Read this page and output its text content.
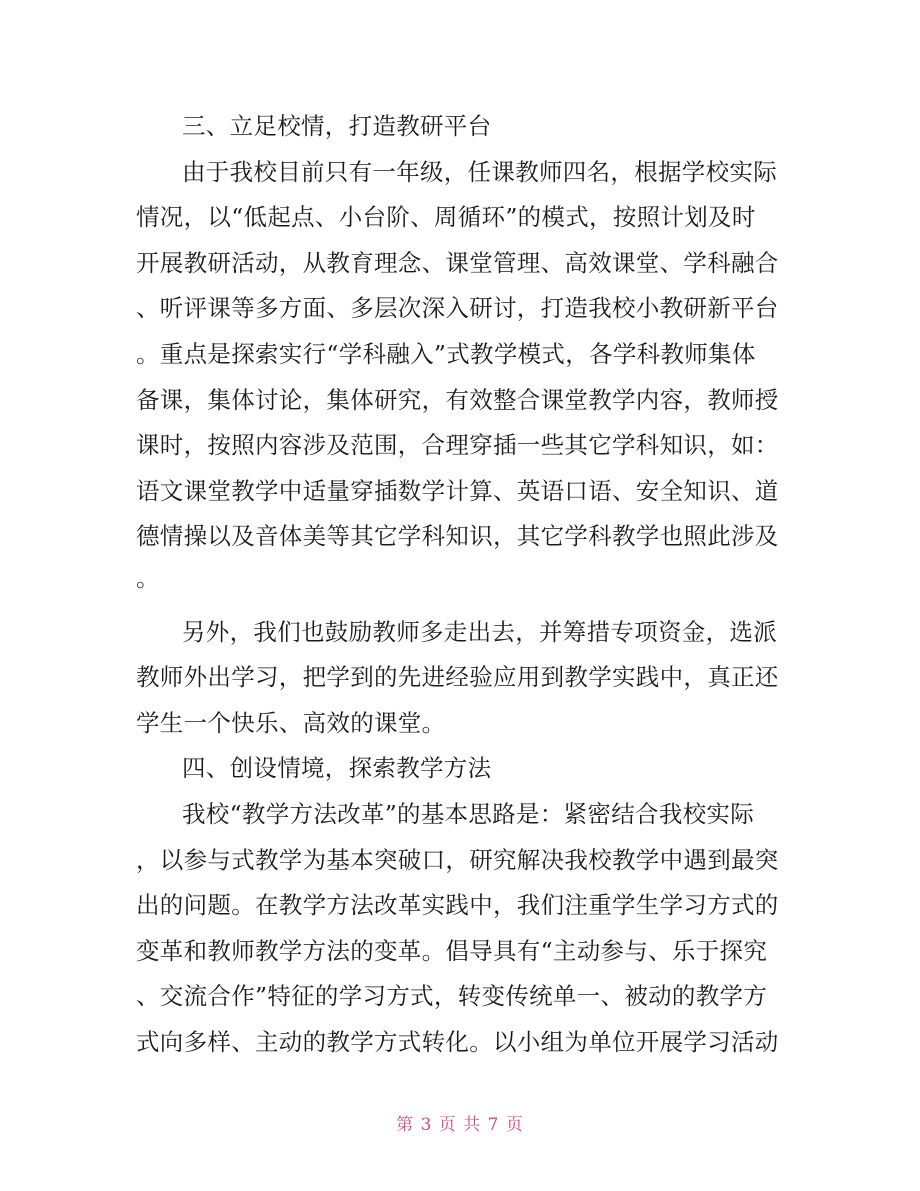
三、立足校情，打造教研平台
由于我校目前只有一年级，任课教师四名，根据学校实际
情况，以“低起点、小台阶、周循环”的模式，按照计划及时
开展教研活动，从教育理念、课堂管理、高效课堂、学科融合
、听评课等多方面、多层次深入研讨，打造我校小教研新平台
。重点是探索实行“学科融入”式教学模式，各学科教师集体
备课，集体讨论，集体研究，有效整合课堂教学内容，教师授
课时，按照内容涉及范围，合理穿插一些其它学科知识，如：
语文课堂教学中适量穿插数学计算、英语口语、安全知识、道
德情操以及音体美等其它学科知识，其它学科教学也照此涉及
。
另外，我们也鼓励教师多走出去，并筹措专项资金，选派
教师外出学习，把学到的先进经验应用到教学实践中，真正还
学生一个快乐、高效的课堂。
四、创设情境，探索教学方法
我校“教学方法改革”的基本思路是：紧密结合我校实际
，以参与式教学为基本突破口，研究解决我校教学中遇到最突
出的问题。在教学方法改革实践中，我们注重学生学习方式的
变革和教师教学方法的变革。倡导具有“主动参与、乐于探究
、交流合作”特征的学习方式，转变传统单一、被动的教学方
式向多样、主动的教学方式转化。以小组为单位开展学习活动
第 3 页 共 7 页
